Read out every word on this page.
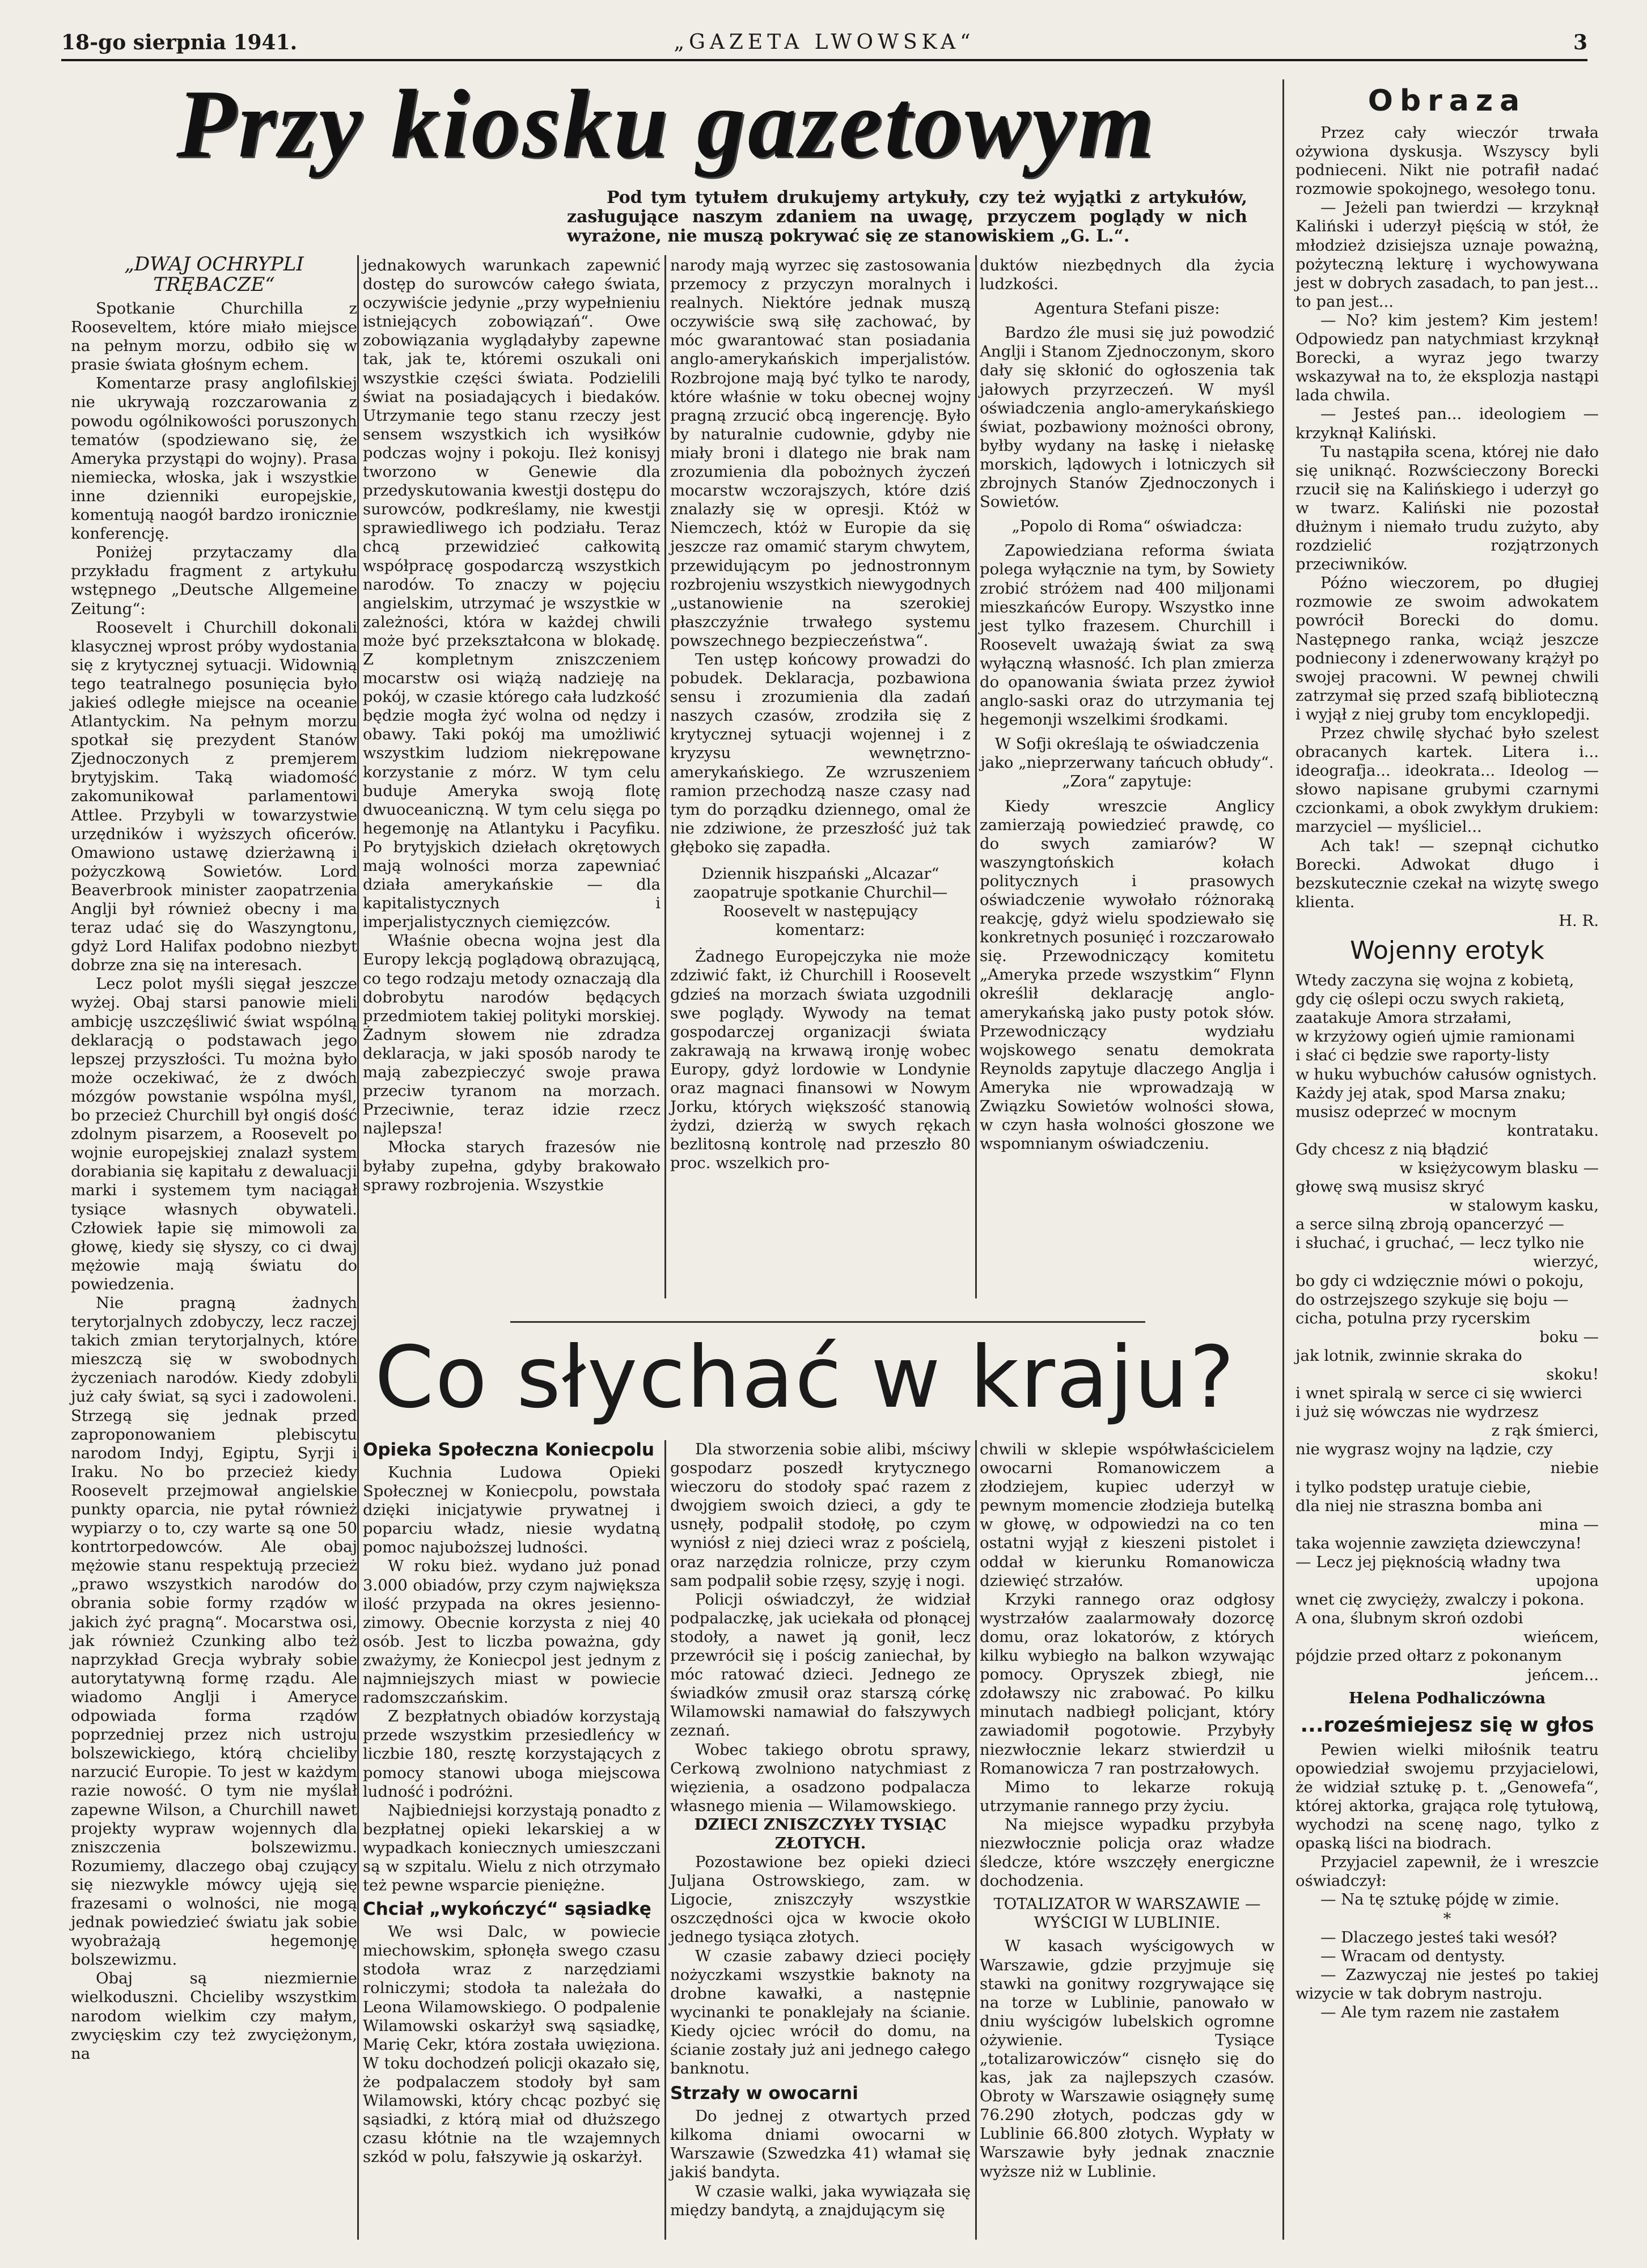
18-go sierpnia 1941.	„GAZETA LWOWSKA“	3
Przy kiosku gazetowym
Pod tym tytułem drukujemy artykuły, czy też wyjątki z artykułów, zasługujące naszym zdaniem na uwagę, przyczem poglądy w nich wyrażone, nie muszą pokrywać się ze stanowiskiem „G. L.“.
„DWAJ OCHRYPLI TRĘBACZE“

Spotkanie Churchilla z Rooseveltem, które miało miejsce na pełnym morzu, odbiło się w prasie świata głośnym echem.

Komentarze prasy anglofilskiej nie ukrywają rozczarowania z powodu ogólnikowości poruszonych tematów (spodziewano się, że Ameryka przystąpi do wojny). Prasa niemiecka, włoska, jak i wszystkie inne dzienniki europejskie, komentują naogół bardzo ironicznie konferencję.

Poniżej przytaczamy dla przykładu fragment z artykułu wstępnego „Deutsche Allgemeine Zeitung“:

Roosevelt i Churchill dokonali klasycznej wprost próby wydostania się z krytycznej sytuacji. Widownią tego teatralnego posunięcia było jakieś odległe miejsce na oceanie Atlantyckim. Na pełnym morzu spotkał się prezydent Stanów Zjednoczonych z premjerem brytyjskim. Taką wiadomość zakomunikował parlamentowi Attlee. Przybyli w towarzystwie urzędników i wyższych oficerów. Omawiono ustawę dzierżawną i pożyczkową Sowietów. Lord Beaverbrook minister zaopatrzenia Anglji był również obecny i ma teraz udać się do Waszyngtonu, gdyż Lord Halifax podobno niezbyt dobrze zna się na interesach.

Lecz polot myśli sięgał jeszcze wyżej. Obaj starsi panowie mieli ambicję uszczęśliwić świat wspólną deklaracją o podstawach jego lepszej przyszłości. Tu można było może oczekiwać, że z dwóch mózgów powstanie wspólna myśl, bo przecież Churchill był ongiś dość zdolnym pisarzem, a Roosevelt po wojnie europejskiej znalazł system dorabiania się kapitału z dewaluacji marki i systemem tym naciągał tysiące własnych obywateli. Człowiek łapie się mimowoli za głowę, kiedy się słyszy, co ci dwaj mężowie mają światu do powiedzenia.

Nie pragną żadnych terytorjalnych zdobyczy, lecz raczej takich zmian terytorjalnych, które mieszczą się w swobodnych życzeniach narodów. Kiedy zdobyli już cały świat, są syci i zadowoleni. Strzegą się jednak przed zaproponowaniem plebiscytu narodom Indyj, Egiptu, Syrji i Iraku. No bo przecież kiedy Roosevelt przejmował angielskie punkty oparcia, nie pytał również wypiarzy o to, czy warte są one 50 kontrtorpedowców. Ale obaj mężowie stanu respektują przecież „prawo wszystkich narodów do obrania sobie formy rządów w jakich żyć pragną“. Mocarstwa osi, jak również Czunking albo też naprzykład Grecja wybrały sobie autorytatywną formę rządu. Ale wiadomo Anglji i Ameryce odpowiada forma rządów poprzedniej przez nich ustroju bolszewickiego, którą chcieliby narzucić Europie. To jest w każdym razie nowość. O tym nie myślał zapewne Wilson, a Churchill nawet projekty wypraw wojennych dla zniszczenia bolszewizmu. Rozumiemy, dlaczego obaj czujący się niezwykle mówcy ujęją się frazesami o wolności, nie mogą jednak powiedzieć światu jak sobie wyobrażają hegemonję bolszewizmu.

Obaj są niezmiernie wielkoduszni. Chcieliby wszystkim narodom wielkim czy małym, zwycięskim czy też zwyciężonym, na

jednakowych warunkach zapewnić dostęp do surowców całego świata, oczywiście jedynie „przy wypełnieniu istniejących zobowiązań“. Owe zobowiązania wyglądałyby zapewne tak, jak te, któremi oszukali oni wszystkie części świata. Podzielili świat na posiadających i biedaków. Utrzymanie tego stanu rzeczy jest sensem wszystkich ich wysiłków podczas wojny i pokoju. Ileż konisyj tworzono w Genewie dla przedyskutowania kwestji dostępu do surowców, podkreślamy, nie kwestji sprawiedliwego ich podziału. Teraz chcą przewidzieć całkowitą współpracę gospodarczą wszystkich narodów. To znaczy w pojęciu angielskim, utrzymać je wszystkie w zależności, która w każdej chwili może być przekształcona w blokadę. Z kompletnym zniszczeniem mocarstw osi wiążą nadzieję na pokój, w czasie którego cała ludzkość będzie mogła żyć wolna od nędzy i obawy. Taki pokój ma umożliwić wszystkim ludziom niekrępowane korzystanie z mórz. W tym celu buduje Ameryka swoją flotę dwuoceaniczną. W tym celu sięga po hegemonję na Atlantyku i Pacyfiku. Po brytyjskich dziełach okrętowych mają wolności morza zapewniać działa amerykańskie — dla kapitalistycznych i imperjalistycznych ciemięzców.

Właśnie obecna wojna jest dla Europy lekcją poglądową obrazującą, co tego rodzaju metody oznaczają dla dobrobytu narodów będących przedmiotem takiej polityki morskiej. Żadnym słowem nie zdradza deklaracja, w jaki sposób narody te mają zabezpieczyć swoje prawa przeciw tyranom na morzach. Przeciwnie, teraz idzie rzecz najlepsza!

Młocka starych frazesów nie byłaby zupełna, gdyby brakowało sprawy rozbrojenia. Wszystkie

narody mają wyrzec się zastosowania przemocy z przyczyn moralnych i realnych. Niektóre jednak muszą oczywiście swą siłę zachować, by móc gwarantować stan posiadania anglo-amerykańskich imperjalistów. Rozbrojone mają być tylko te narody, które właśnie w toku obecnej wojny pragną zrzucić obcą ingerencję. Było by naturalnie cudownie, gdyby nie miały broni i dlatego nie brak nam zrozumienia dla pobożnych życzeń mocarstw wczorajszych, które dziś znalazły się w opresji. Któż w Niemczech, któż w Europie da się jeszcze raz omamić starym chwytem, przewidującym po jednostronnym rozbrojeniu wszystkich niewygodnych „ustanowienie na szerokiej płaszczyźnie trwałego systemu powszechnego bezpieczeństwa“.

Ten ustęp końcowy prowadzi do pobudek. Deklaracja, pozbawiona sensu i zrozumienia dla zadań naszych czasów, zrodziła się z krytycznej sytuacji wojennej i z kryzysu wewnętrzno-amerykańskiego. Ze wzruszeniem ramion przechodzą nasze czasy nad tym do porządku dziennego, omal że nie zdziwione, że przeszłość już tak głęboko się zapadła.

Dziennik hiszpański „Alcazar“ zaopatruje spotkanie Churchil—Roosevelt w następujący komentarz:

Żadnego Europejczyka nie może zdziwić fakt, iż Churchill i Roosevelt gdzieś na morzach świata uzgodnili swe poglądy. Wywody na temat gospodarczej organizacji świata zakrawają na krwawą ironję wobec Europy, gdyż lordowie w Londynie oraz magnaci finansowi w Nowym Jorku, których większość stanowią żydzi, dzierżą w swych rękach bezlitosną kontrolę nad przeszło 80 proc. wszelkich pro-

duktów niezbędnych dla życia ludzkości.

Agentura Stefani pisze:

Bardzo źle musi się już powodzić Anglji i Stanom Zjednoczonym, skoro dały się skłonić do ogłoszenia tak jałowych przyrzeczeń. W myśl oświadczenia anglo-amerykańskiego świat, pozbawiony możności obrony, byłby wydany na łaskę i niełaskę morskich, lądowych i lotniczych sił zbrojnych Stanów Zjednoczonych i Sowietów.

„Popolo di Roma“ oświadcza:

Zapowiedziana reforma świata polega wyłącznie na tym, by Sowiety zrobić stróżem nad 400 miljonami mieszkańców Europy. Wszystko inne jest tylko frazesem. Churchill i Roosevelt uważają świat za swą wyłączną własność. Ich plan zmierza do opanowania świata przez żywioł anglo-saski oraz do utrzymania tej hegemonji wszelkimi środkami.

W Sofji określają te oświadczenia jako „nieprzerwany tańcuch obłudy“. „Zora“ zapytuje:

Kiedy wreszcie Anglicy zamierzają powiedzieć prawdę, co do swych zamiarów? W waszyngtońskich kołach politycznych i prasowych oświadczenie wywołało różnoraką reakcję, gdyż wielu spodziewało się konkretnych posunięć i rozczarowało się. Przewodniczący komitetu „Ameryka przede wszystkim“ Flynn określił deklarację anglo-amerykańską jako pusty potok słów. Przewodniczący wydziału wojskowego senatu demokrata Reynolds zapytuje dlaczego Anglja i Ameryka nie wprowadzają w Związku Sowietów wolności słowa, w czyn hasła wolności głoszone we wspomnianym oświadczeniu.

Co słychać w kraju?

Opieka Społeczna Koniecpolu

Kuchnia Ludowa Opieki Społecznej w Koniecpolu, powstała dzięki inicjatywie prywatnej i poparciu władz, niesie wydatną pomoc najuboższej ludności.

W roku bież. wydano już ponad 3.000 obiadów, przy czym największa ilość przypada na okres jesienno-zimowy. Obecnie korzysta z niej 40 osób. Jest to liczba poważna, gdy zważymy, że Koniecpol jest jednym z najmniejszych miast w powiecie radomszczańskim.

Z bezpłatnych obiadów korzystają przede wszystkim przesiedleńcy w liczbie 180, resztę korzystających z pomocy stanowi uboga miejscowa ludność i podróżni.

Najbiedniejsi korzystają ponadto z bezpłatnej opieki lekarskiej a w wypadkach koniecznych umieszczani są w szpitalu. Wielu z nich otrzymało też pewne wsparcie pieniężne.

Chciał „wykończyć“ sąsiadkę

We wsi Dalc, w powiecie miechowskim, spłonęła swego czasu stodoła wraz z narzędziami rolniczymi; stodoła ta należała do Leona Wilamowskiego. O podpalenie Wilamowski oskarżył swą sąsiadkę, Marię Cekr, która została uwięziona. W toku dochodzeń policji okazało się, że podpalaczem stodoły był sam Wilamowski, który chcąc pozbyć się sąsiadki, z którą miał od dłuższego czasu kłótnie na tle wzajemnych szkód w polu, fałszywie ją oskarżył.

Dla stworzenia sobie alibi, mściwy gospodarz poszedł krytycznego wieczoru do stodoły spać razem z dwojgiem swoich dzieci, a gdy te usnęły, podpalił stodołę, po czym wyniósł z niej dzieci wraz z pościelą, oraz narzędzia rolnicze, przy czym sam podpalił sobie rzęsy, szyję i nogi.

Policji oświadczył, że widział podpalaczkę, jak uciekała od płonącej stodoły, a nawet ją gonił, lecz przewrócił się i pościg zaniechał, by móc ratować dzieci. Jednego ze świadków zmusił oraz starszą córkę Wilamowski namawiał do fałszywych zeznań.

Wobec takiego obrotu sprawy, Cerkową zwolniono natychmiast z więzienia, a osadzono podpalacza własnego mienia — Wilamowskiego.

DZIECI ZNISZCZYŁY TYSIĄC ZŁOTYCH.

Pozostawione bez opieki dzieci Juljana Ostrowskiego, zam. w Ligocie, zniszczyły wszystkie oszczędności ojca w kwocie około jednego tysiąca złotych.

W czasie zabawy dzieci pocięły nożyczkami wszystkie baknoty na drobne kawałki, a następnie wycinanki te ponaklejały na ścianie. Kiedy ojciec wrócił do domu, na ścianie zostały już ani jednego całego banknotu.

Strzały w owocarni

Do jednej z otwartych przed kilkoma dniami owocarni w Warszawie (Szwedzka 41) włamał się jakiś bandyta.

W czasie walki, jaka wywiązała się między bandytą, a znajdującym się

chwili w sklepie współwłaścicielem owocarni Romanowiczem a złodziejem, kupiec uderzył w pewnym momencie złodzieja butelką w głowę, w odpowiedzi na co ten ostatni wyjął z kieszeni pistolet i oddał w kierunku Romanowicza dziewięć strzałów.

Krzyki rannego oraz odgłosy wystrzałów zaalarmowały dozorcę domu, oraz lokatorów, z których kilku wybiegło na balkon wzywając pomocy. Opryszek zbiegł, nie zdoławszy nic zrabować. Po kilku minutach nadbiegł policjant, który zawiadomił pogotowie. Przybyły niezwłocznie lekarz stwierdził u Romanowicza 7 ran postrzałowych.

Mimo to lekarze rokują utrzymanie rannego przy życiu.

Na miejsce wypadku przybyła niezwłocznie policja oraz władze śledcze, które wszczęły energiczne dochodzenia.

TOTALIZATOR W WARSZAWIE — WYŚCIGI W LUBLINIE.

W kasach wyścigowych w Warszawie, gdzie przyjmuje się stawki na gonitwy rozgrywające się na torze w Lublinie, panowało w dniu wyścigów lubelskich ogromne ożywienie. Tysiące „totalizarowiczów“ cisnęło się do kas, jak za najlepszych czasów. Obroty w Warszawie osiągnęły sumę 76.290 złotych, podczas gdy w Lublinie 66.800 złotych. Wypłaty w Warszawie były jednak znacznie wyższe niż w Lublinie.

Obraza

Przez cały wieczór trwała ożywiona dyskusja. Wszyscy byli podnieceni. Nikt nie potrafił nadać rozmowie spokojnego, wesołego tonu.

— Jeżeli pan twierdzi — krzyknął Kaliński i uderzył pięścią w stół, że młodzież dzisiejsza uznaje poważną, pożyteczną lekturę i wychowywana jest w dobrych zasadach, to pan jest... to pan jest...

— No? kim jestem? Kim jestem! Odpowiedz pan natychmiast krzyknął Borecki, a wyraz jego twarzy wskazywał na to, że eksplozja nastąpi lada chwila.

— Jesteś pan... ideologiem — krzyknął Kaliński.

Tu nastąpiła scena, której nie dało się uniknąć. Rozwścieczony Borecki rzucił się na Kalińskiego i uderzył go w twarz. Kaliński nie pozostał dłużnym i niemało trudu zużyto, aby rozdzielić rozjątrzonych przeciwników.

Późno wieczorem, po długiej rozmowie ze swoim adwokatem powrócił Borecki do domu. Następnego ranka, wciąż jeszcze podniecony i zdenerwowany krążył po swojej pracowni. W pewnej chwili zatrzymał się przed szafą biblioteczną i wyjął z niej gruby tom encyklopedji.

Przez chwilę słychać było szelest obracanych kartek. Litera i... ideografja... ideokrata... Ideolog — słowo napisane grubymi czarnymi czcionkami, a obok zwykłym drukiem: marzyciel — myśliciel...

Ach tak! — szepnął cichutko Borecki. Adwokat długo i bezskutecznie czekał na wizytę swego klienta.

H. R.

Wojenny erotyk

Wtedy zaczyna się wojna z kobietą,

gdy cię oślepi oczu swych rakietą,

zaatakuje Amora strzałami,

w krzyżowy ogień ujmie ramionami

i słać ci będzie swe raporty-listy

w huku wybuchów całusów ognistych.

Każdy jej atak, spod Marsa znaku;

musisz odeprzeć w mocnym

kontratаku.

Gdy chcesz z nią błądzić

w księżycowym blasku —

głowę swą musisz skryć

w stalowym kasku,

a serce silną zbroją opancerzyć —

i słuchać, i gruchać, — lecz tylko nie

wierzyć,

bo gdy ci wdzięcznie mówi o pokoju,

do ostrzejszego szykuje się boju —

cicha, potulna przy rycerskim

boku —

jak lotnik, zwinnie skraka do

skoku!

i wnet spiralą w serce ci się wwierci

i już się wówczas nie wydrzesz

z rąk śmierci,

nie wygrasz wojny na lądzie, czy

niebie

i tylko podstęp uratuje ciebie,

dla niej nie straszna bomba ani

mina —

taka wojennie zawzięta dziewczyna!

— Lecz jej pięknością władny twa

upojona

wnet cię zwycięży, zwalczy i pokona.

A ona, ślubnym skroń ozdobi

wieńcem,

pójdzie przed ołtarz z pokonanym

jeńcem...

Helena Podhaliczówna

...roześmiejesz się w głos

Pewien wielki miłośnik teatru opowiedział swojemu przyjacielowi, że widział sztukę p. t. „Genowefa“, której aktorka, grająca rolę tytułową, wychodzi na scenę nago, tylko z opaską liści na biodrach.

Przyjaciel zapewnił, że i wreszcie oświadczył:

— Na tę sztukę pójdę w zimie.

*

— Dlaczego jesteś taki wesół?

— Wracam od dentysty.

— Zazwyczaj nie jesteś po takiej wizycie w tak dobrym nastroju.

— Ale tym razem nie zastałem
